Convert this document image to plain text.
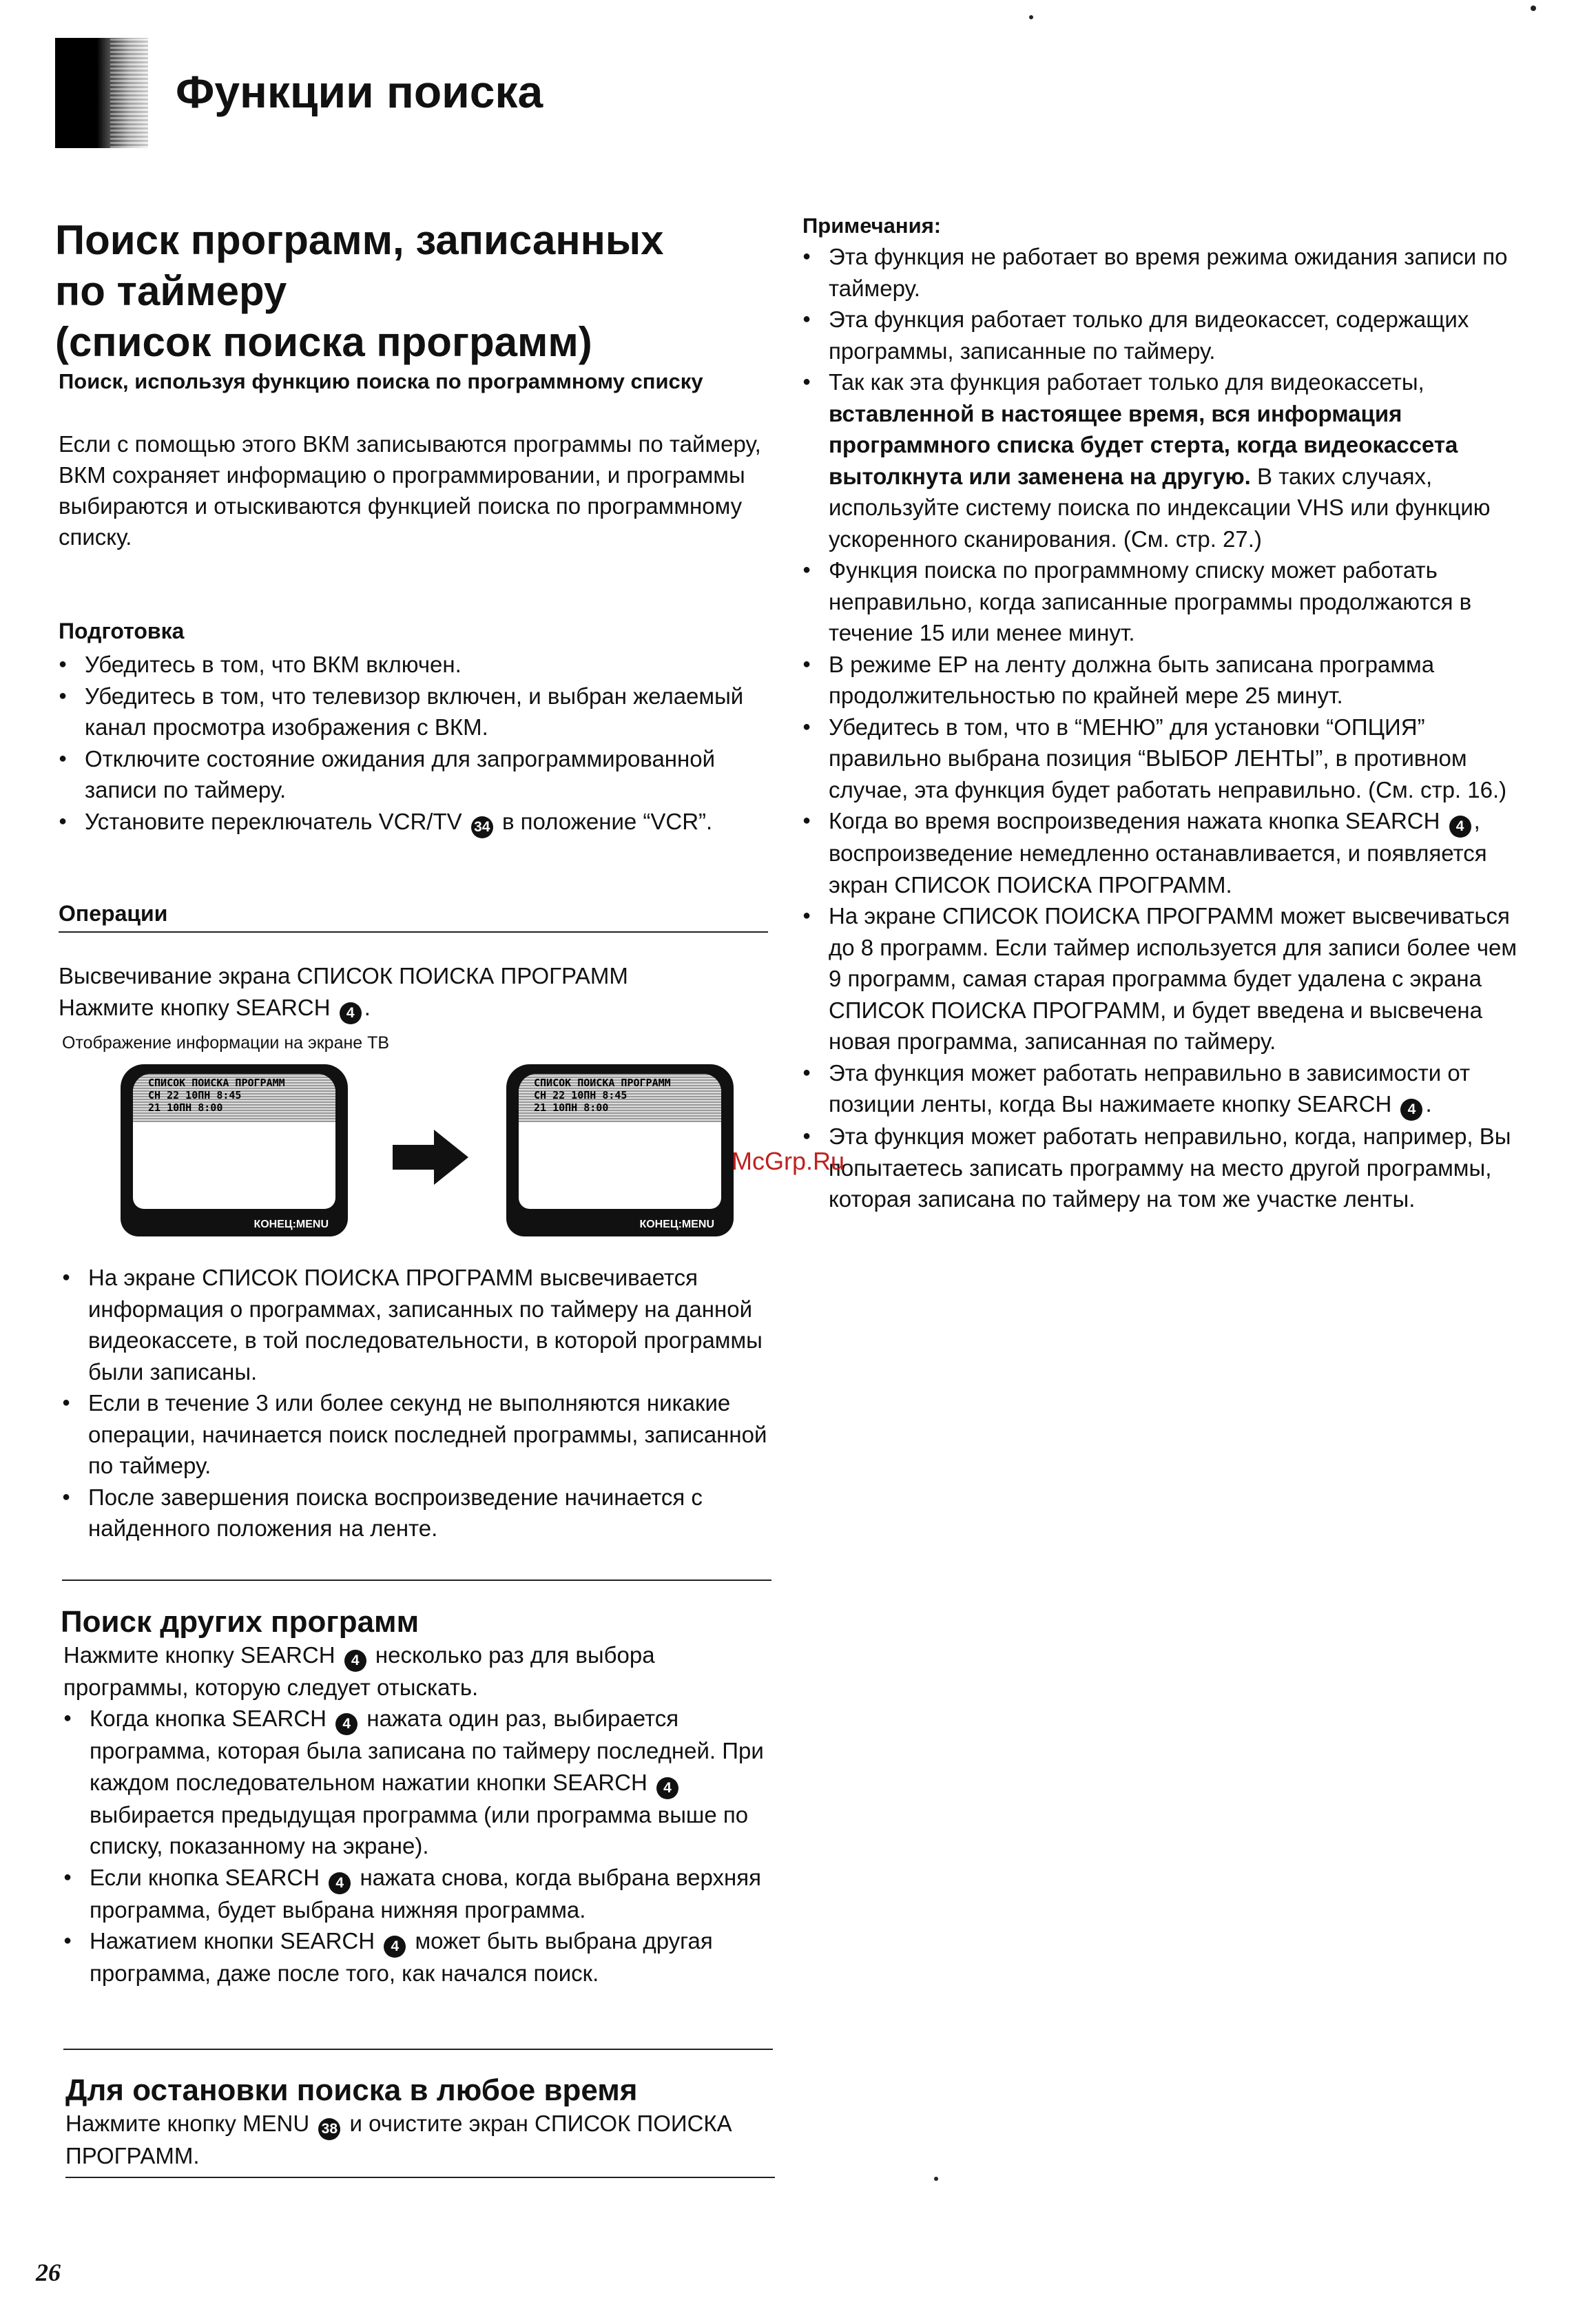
Функции поиска
Поиск программ, записанных
по таймеру
(список поиска программ)

Поиск, используя функцию поиска по программному списку

Если с помощью этого ВКМ записываются программы по таймеру, ВКМ сохраняет информацию о программировании, и программы выбираются и отыскиваются функцией поиска по программному списку.

Подготовка

● Убедитесь в том, что ВКМ включен.
● Убедитесь в том, что телевизор включен, и выбран желаемый канал просмотра изображения с ВКМ.
● Отключите состояние ожидания для запрограммированной записи по таймеру.
● Установите переключатель VCR/TV 34 в положение “VCR”.

Операции

Высвечивание экрана СПИСОК ПОИСКА ПРОГРАММ

Нажмите кнопку SEARCH 4 .

Отображение информации на экране ТВ

СПИСОК ПОИСКА ПРОГРАММ
CH 22 10ПН 8:45
21 10ПН 8:00
КОНЕЦ:MENU
СПИСОК ПОИСКА ПРОГРАММ
CH 22 10ПН 8:45
21 10ПН 8:00
КОНЕЦ:MENU
● На экране СПИСОК ПОИСКА ПРОГРАММ высвечивается информация о программах, записанных по таймеру на данной видеокассете, в той последовательности, в которой программы были записаны.
● Если в течение 3 или более секунд не выполняются никакие операции, начинается поиск последней программы, записанной по таймеру.
● После завершения поиска воспроизведение начинается с найденного положения на ленте.
Поиск других программ

Нажмите кнопку SEARCH 4 несколько раз для выбора программы, которую следует отыскать.

● Когда кнопка SEARCH 4 нажата один раз, выбирается программа, которая была записана по таймеру последней. При каждом последовательном нажатии кнопки SEARCH 4 выбирается предыдущая программа (или программа выше по списку, показанному на экране).
● Если кнопка SEARCH 4 нажата снова, когда выбрана верхняя программа, будет выбрана нижняя программа.
● Нажатием кнопки SEARCH 4 может быть выбрана другая программа, даже после того, как начался поиск.
Для остановки поиска в любое время

Нажмите кнопку MENU 38 и очистите экран СПИСОК ПОИСКА ПРОГРАММ.

Примечания:

● Эта функция не работает во время режима ожидания записи по таймеру.
● Эта функция работает только для видеокассет, содержащих программы, записанные по таймеру.
● Так как эта функция работает только для видеокассеты, вставленной в настоящее время, вся информация программного списка будет стерта, когда видеокассета вытолкнута или заменена на другую. В таких случаях, используйте систему поиска по индексации VHS или функцию ускоренного сканирования. (См. стр. 27.)
● Функция поиска по программному списку может работать неправильно, когда записанные программы продолжаются в течение 15 или менее минут.
● В режиме EP на ленту должна быть записана программа продолжительностью по крайней мере 25 минут.
● Убедитесь в том, что в “МЕНЮ” для установки “ОПЦИЯ” правильно выбрана позиция “ВЫБОР ЛЕНТЫ”, в противном случае, эта функция будет работать неправильно. (См. стр. 16.)
● Когда во время воспроизведения нажата кнопка SEARCH 4 , воспроизведение немедленно останавливается, и появляется экран СПИСОК ПОИСКА ПРОГРАММ.
● На экране СПИСОК ПОИСКА ПРОГРАММ может высвечиваться до 8 программ. Если таймер используется для записи более чем 9 программ, самая старая программа будет удалена с экрана СПИСОК ПОИСКА ПРОГРАММ, и будет введена и высвечена новая программа, записанная по таймеру.
● Эта функция может работать неправильно в зависимости от позиции ленты, когда Вы нажимаете кнопку SEARCH 4 .
● Эта функция может работать неправильно, когда, например, Вы попытаетесь записать программу на место другой программы, которая записана по таймеру на том же участке ленты.
McGrp.Ru

26
